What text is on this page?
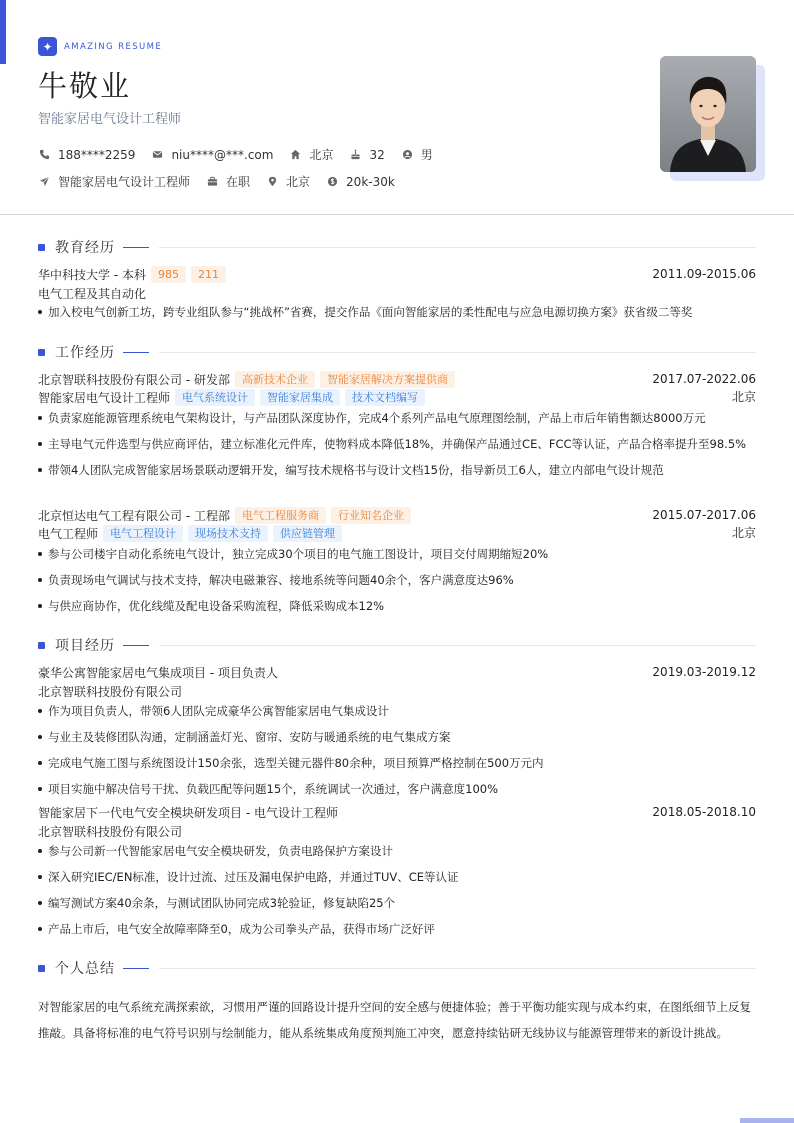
✦	AMAZING RESUME
牛敬业
智能家居电气设计工程师
188****2259	niu****@***.com	北京	32	男
智能家居电气设计工程师	在职	北京	20k-30k
教育经历
华中科技大学 - 本科	985	211	2011.09-2015.06
电气工程及其自动化
加入校电气创新工坊，跨专业组队参与“挑战杯”省赛，提交作品《面向智能家居的柔性配电与应急电源切换方案》获省级二等奖
工作经历
北京智联科技股份有限公司 - 研发部	高新技术企业	智能家居解决方案提供商	2017.07-2022.06
智能家居电气设计工程师	电气系统设计	智能家居集成	技术文档编写	北京
负责家庭能源管理系统电气架构设计，与产品团队深度协作，完成4个系列产品电气原理图绘制，产品上市后年销售额达8000万元
主导电气元件选型与供应商评估，建立标准化元件库，使物料成本降低18%，并确保产品通过CE、FCC等认证，产品合格率提升至98.5%
带领4人团队完成智能家居场景联动逻辑开发，编写技术规格书与设计文档15份，指导新员工6人，建立内部电气设计规范
北京恒达电气工程有限公司 - 工程部	电气工程服务商	行业知名企业	2015.07-2017.06
电气工程师	电气工程设计	现场技术支持	供应链管理	北京
参与公司楼宇自动化系统电气设计，独立完成30个项目的电气施工图设计，项目交付周期缩短20%
负责现场电气调试与技术支持，解决电磁兼容、接地系统等问题40余个，客户满意度达96%
与供应商协作，优化线缆及配电设备采购流程，降低采购成本12%
项目经历
豪华公寓智能家居电气集成项目 - 项目负责人	2019.03-2019.12
北京智联科技股份有限公司
作为项目负责人，带领6人团队完成豪华公寓智能家居电气集成设计
与业主及装修团队沟通，定制涵盖灯光、窗帘、安防与暖通系统的电气集成方案
完成电气施工图与系统图设计150余张，选型关键元器件80余种，项目预算严格控制在500万元内
项目实施中解决信号干扰、负载匹配等问题15个，系统调试一次通过，客户满意度100%
智能家居下一代电气安全模块研发项目 - 电气设计工程师	2018.05-2018.10
北京智联科技股份有限公司
参与公司新一代智能家居电气安全模块研发，负责电路保护方案设计
深入研究IEC/EN标准，设计过流、过压及漏电保护电路，并通过TUV、CE等认证
编写测试方案40余条，与测试团队协同完成3轮验证，修复缺陷25个
产品上市后，电气安全故障率降至0，成为公司拳头产品，获得市场广泛好评
个人总结

对智能家居的电气系统充满探索欲，习惯用严谨的回路设计提升空间的安全感与便捷体验；善于平衡功能实现与成本约束，在图纸细节上反复推敲。具备将标准的电气符号识别与绘制能力，能从系统集成角度预判施工冲突，愿意持续钻研无线协议与能源管理带来的新设计挑战。
